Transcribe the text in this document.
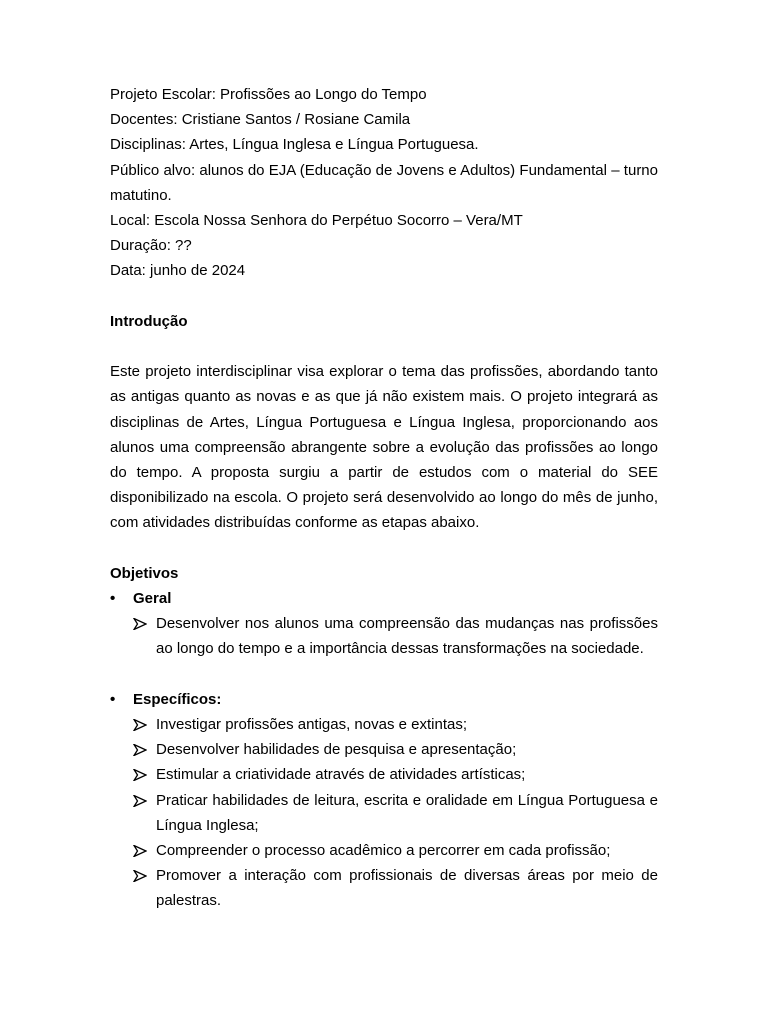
Projeto Escolar: Profissões ao Longo do Tempo

Docentes: Cristiane Santos / Rosiane Camila

Disciplinas: Artes, Língua Inglesa e Língua Portuguesa.

Público alvo: alunos do EJA (Educação de Jovens e Adultos) Fundamental – turno matutino.

Local: Escola Nossa Senhora do Perpétuo Socorro – Vera/MT

Duração: ??

Data: junho de 2024

Introdução

Este projeto interdisciplinar visa explorar o tema das profissões, abordando tanto as antigas quanto as novas e as que já não existem mais. O projeto integrará as disciplinas de Artes, Língua Portuguesa e Língua Inglesa, proporcionando aos alunos uma compreensão abrangente sobre a evolução das profissões ao longo do tempo. A proposta surgiu a partir de estudos com o material do SEE disponibilizado na escola. O projeto será desenvolvido ao longo do mês de junho, com atividades distribuídas conforme as etapas abaixo.

Objetivos

•	Geral
Desenvolver nos alunos uma compreensão das mudanças nas profissões ao longo do tempo e a importância dessas transformações na sociedade.
•	Específicos:
Investigar profissões antigas, novas e extintas;
Desenvolver habilidades de pesquisa e apresentação;
Estimular a criatividade através de atividades artísticas;
Praticar habilidades de leitura, escrita e oralidade em Língua Portuguesa e Língua Inglesa;
Compreender o processo acadêmico a percorrer em cada profissão;
Promover a interação com profissionais de diversas áreas por meio de palestras.
